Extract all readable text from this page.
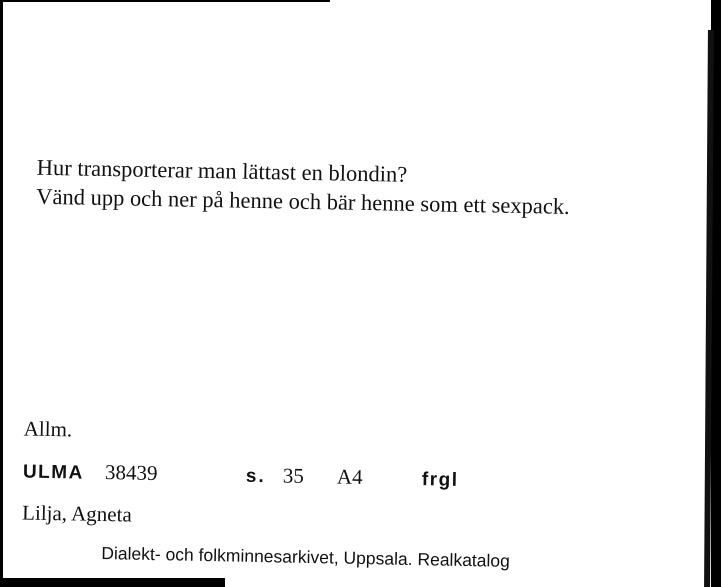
Hur transporterar man lättast en blondin?
Vänd upp och ner på henne och bär henne som ett sexpack.
Allm.
ULMA 38439	s. 35 A4	frgl
Lilja, Agneta
Dialekt- och folkminnesarkivet, Uppsala. Realkatalog
